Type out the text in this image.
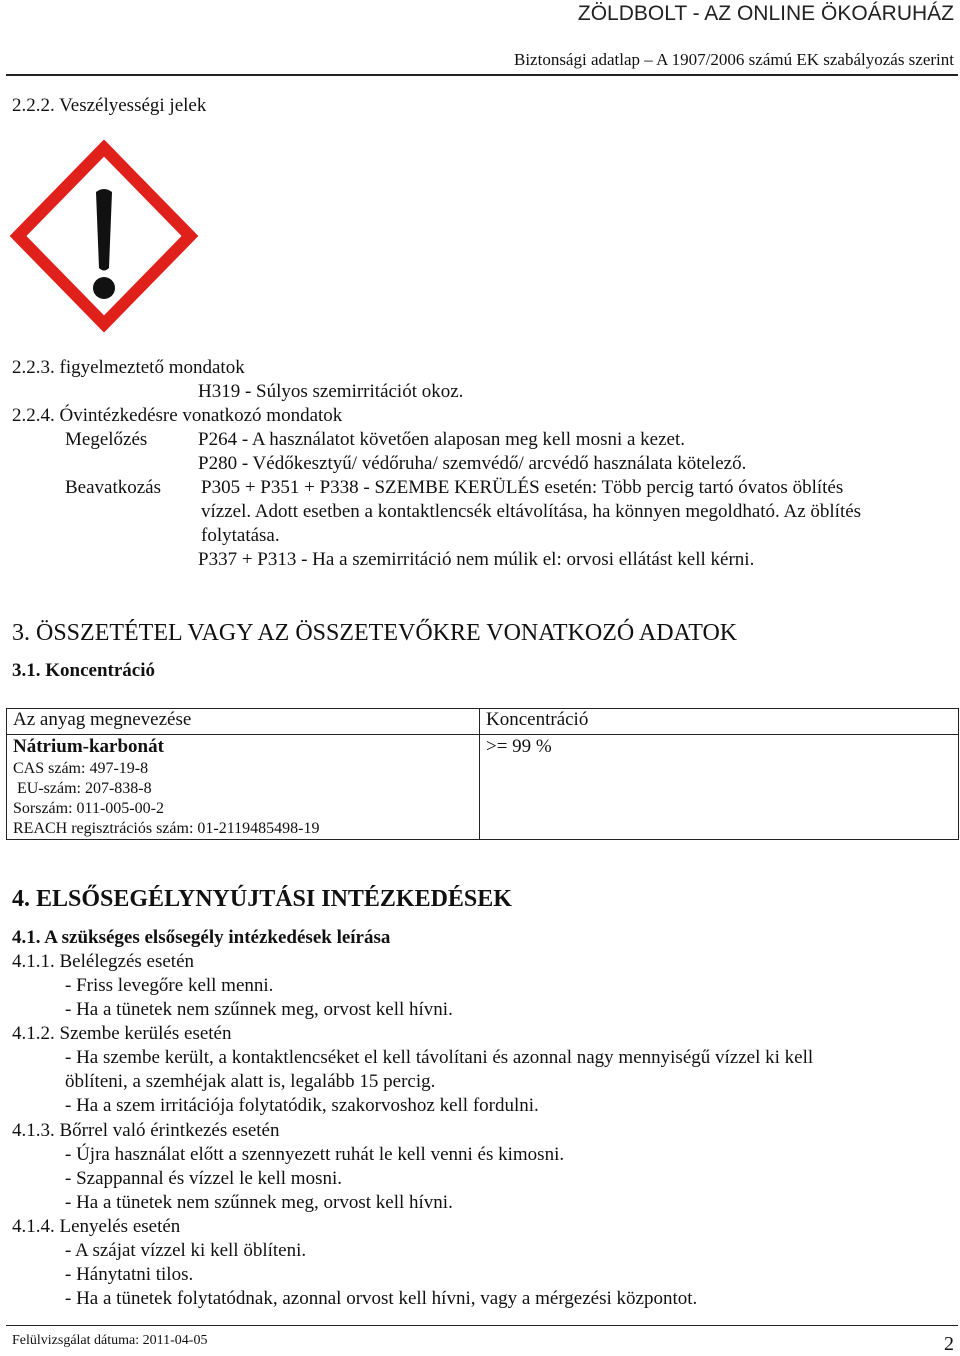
ZÖLDBOLT - AZ ONLINE ÖKOÁRUHÁZ
Biztonsági adatlap – A 1907/2006 számú EK szabályozás szerint
2.2.2. Veszélyességi jelek
2.2.3. figyelmeztető mondatok
H319 - Súlyos szemirritációt okoz.
2.2.4. Óvintézkedésre vonatkozó mondatok
Megelőzés	P264 - A használatot követően alaposan meg kell mosni a kezet.
P280 - Védőkesztyű/ védőruha/ szemvédő/ arcvédő használata kötelező.
Beavatkozás P305 + P351 + P338 - SZEMBE KERÜLÉS esetén: Több percig tartó óvatos öblítés
vízzel. Adott esetben a kontaktlencsék eltávolítása, ha könnyen megoldható. Az öblítés
folytatása.
P337 + P313 - Ha a szemirritáció nem múlik el: orvosi ellátást kell kérni.
3. ÖSSZETÉTEL VAGY AZ ÖSSZETEVŐKRE VONATKOZÓ ADATOK
3.1. Koncentráció
Az anyag megnevezése	Koncentráció

Nátrium-karbonát
CAS szám: 497-19-8
EU-szám: 207-838-8
Sorszám: 011-005-00-2
REACH regisztrációs szám: 01-2119485498-19	>= 99 %
4. ELSŐSEGÉLYNYÚJTÁSI INTÉZKEDÉSEK
4.1. A szükséges elsősegély intézkedések leírása
4.1.1. Belélegzés esetén
- Friss levegőre kell menni.
- Ha a tünetek nem szűnnek meg, orvost kell hívni.
4.1.2. Szembe kerülés esetén
- Ha szembe került, a kontaktlencséket el kell távolítani és azonnal nagy mennyiségű vízzel ki kell
öblíteni, a szemhéjak alatt is, legalább 15 percig.
- Ha a szem irritációja folytatódik, szakorvoshoz kell fordulni.
4.1.3. Bőrrel való érintkezés esetén
- Újra használat előtt a szennyezett ruhát le kell venni és kimosni.
- Szappannal és vízzel le kell mosni.
- Ha a tünetek nem szűnnek meg, orvost kell hívni.
4.1.4. Lenyelés esetén
- A szájat vízzel ki kell öblíteni.
- Hánytatni tilos.
- Ha a tünetek folytatódnak, azonnal orvost kell hívni, vagy a mérgezési központot.
Felülvizsgálat dátuma: 2011-04-05	2
